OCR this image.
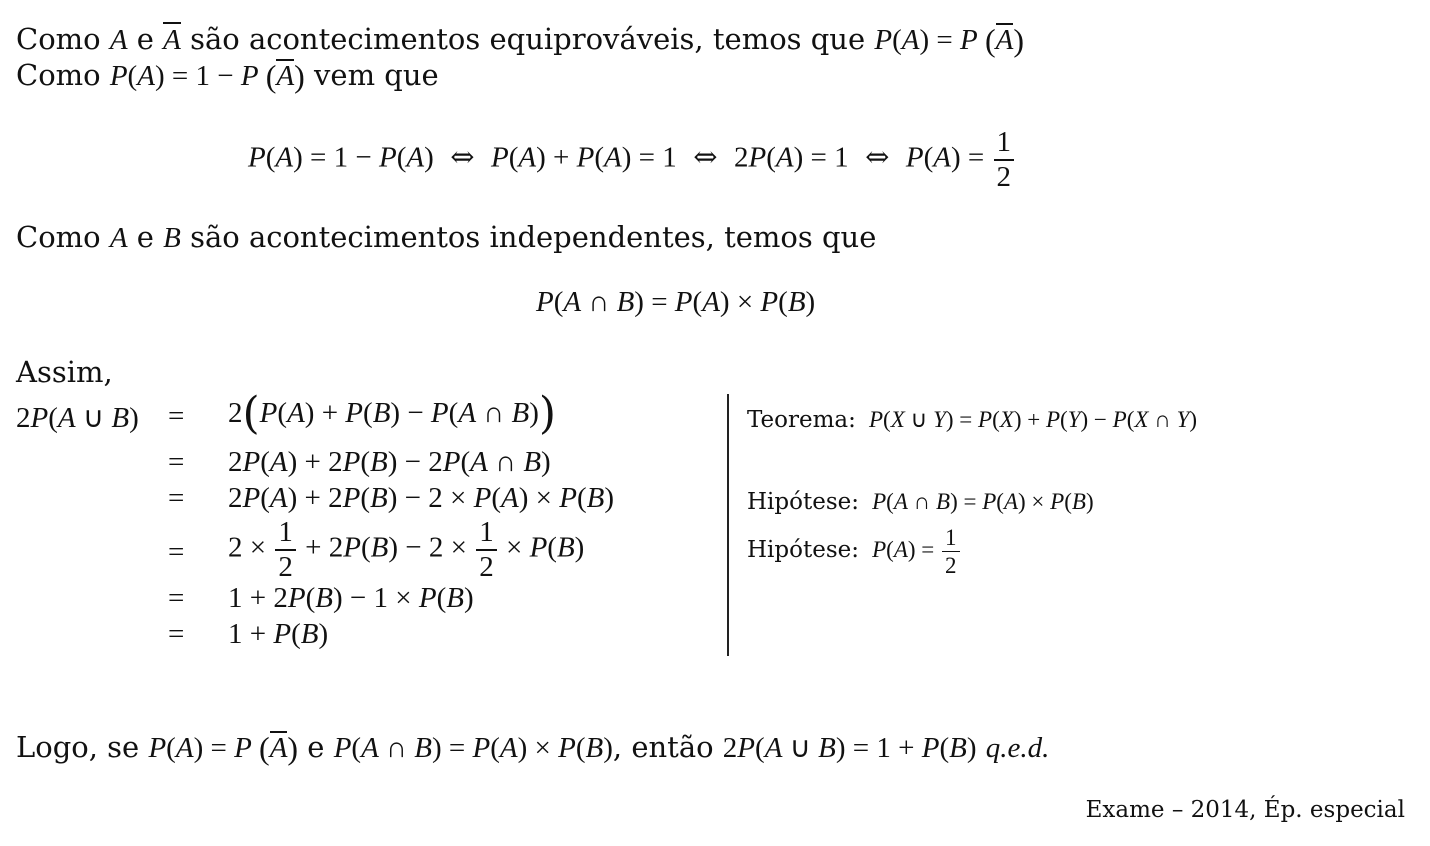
Como A e A são acontecimentos equiprováveis, temos que P(A) = P (A)
Como P(A) = 1 − P (A) vem que
P(A) = 1 − P(A)  ⇔  P(A) + P(A) = 1  ⇔  2P(A) = 1  ⇔  $P(A) = \frac{1}{2}$
Como A e B são acontecimentos independentes, temos que
P(A ∩ B) = P(A) × P(B)
Assim,
2P(A ∪ B) = 2(P(A) + P(B) − P(A ∩ B))
= 2P(A) + 2P(B) − 2P(A ∩ B)
= 2P(A) + 2P(B) − 2 × P(A) × P(B)
= $2 \times \frac{1}{2} + 2P(B) - 2 \times \frac{1}{2} \times P(B)$
= 1 + 2P(B) − 1 × P(B)
= 1 + P(B)
Teorema: P(X ∪ Y) = P(X) + P(Y) − P(X ∩ Y)
Hipótese: P(A ∩ B) = P(A) × P(B)
Hipótese: $P(A) = \frac{1}{2}$
Logo, se P(A) = P (A) e P(A ∩ B) = P(A) × P(B), então 2P(A ∪ B) = 1 + P(B) q.e.d.
Exame – 2014, Ép. especial
